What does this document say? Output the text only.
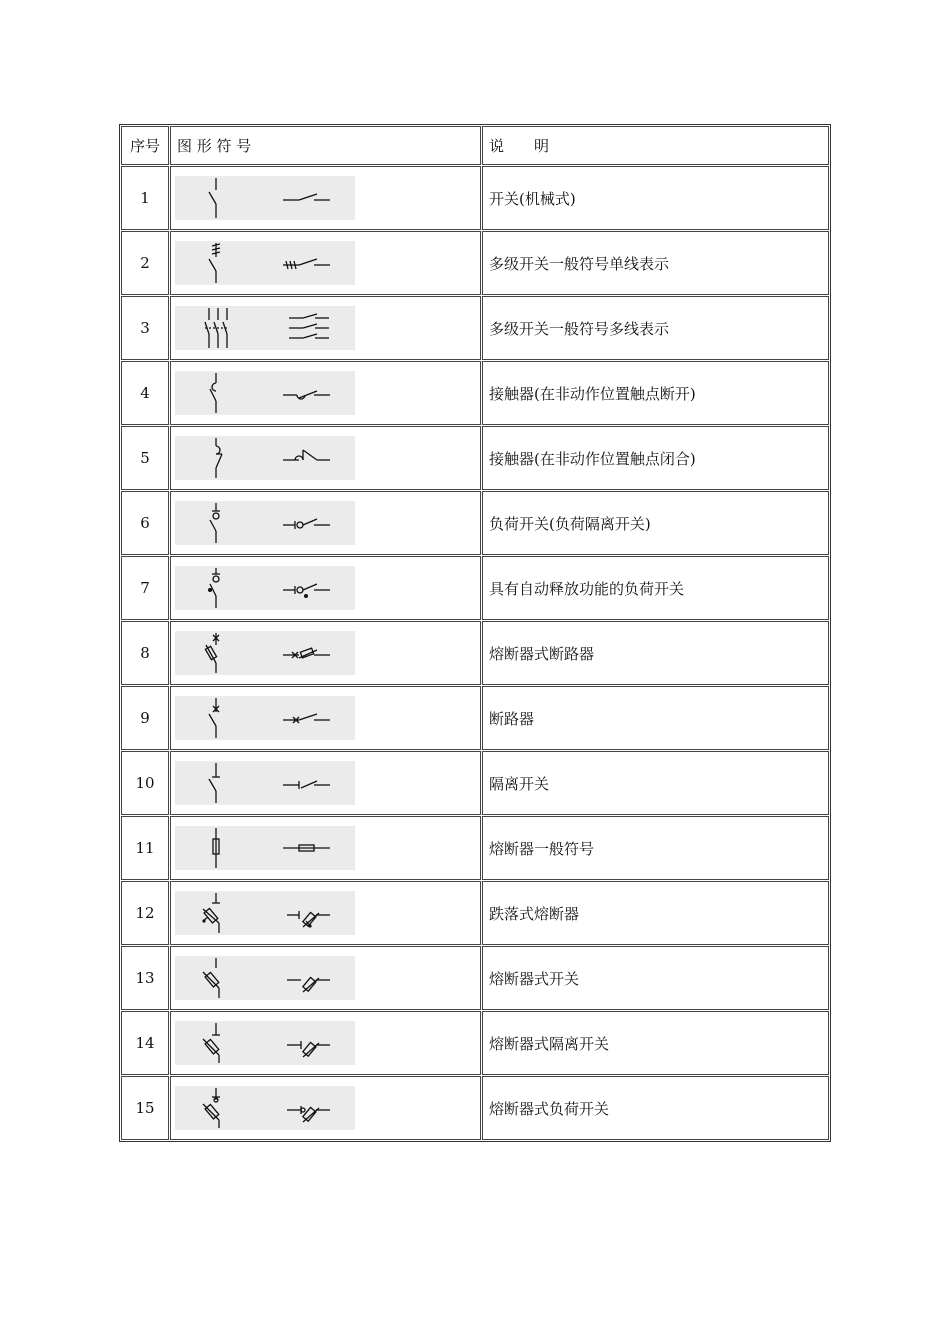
序号	图 形 符 号	说　　明
1		开关(机械式)
2		多级开关一般符号单线表示
3		多级开关一般符号多线表示
4		接触器(在非动作位置触点断开)
5		接触器(在非动作位置触点闭合)
6		负荷开关(负荷隔离开关)
7		具有自动释放功能的负荷开关
8		熔断器式断路器
9		断路器
10		隔离开关
11		熔断器一般符号
12		跌落式熔断器
13		熔断器式开关
14		熔断器式隔离开关
15		熔断器式负荷开关
